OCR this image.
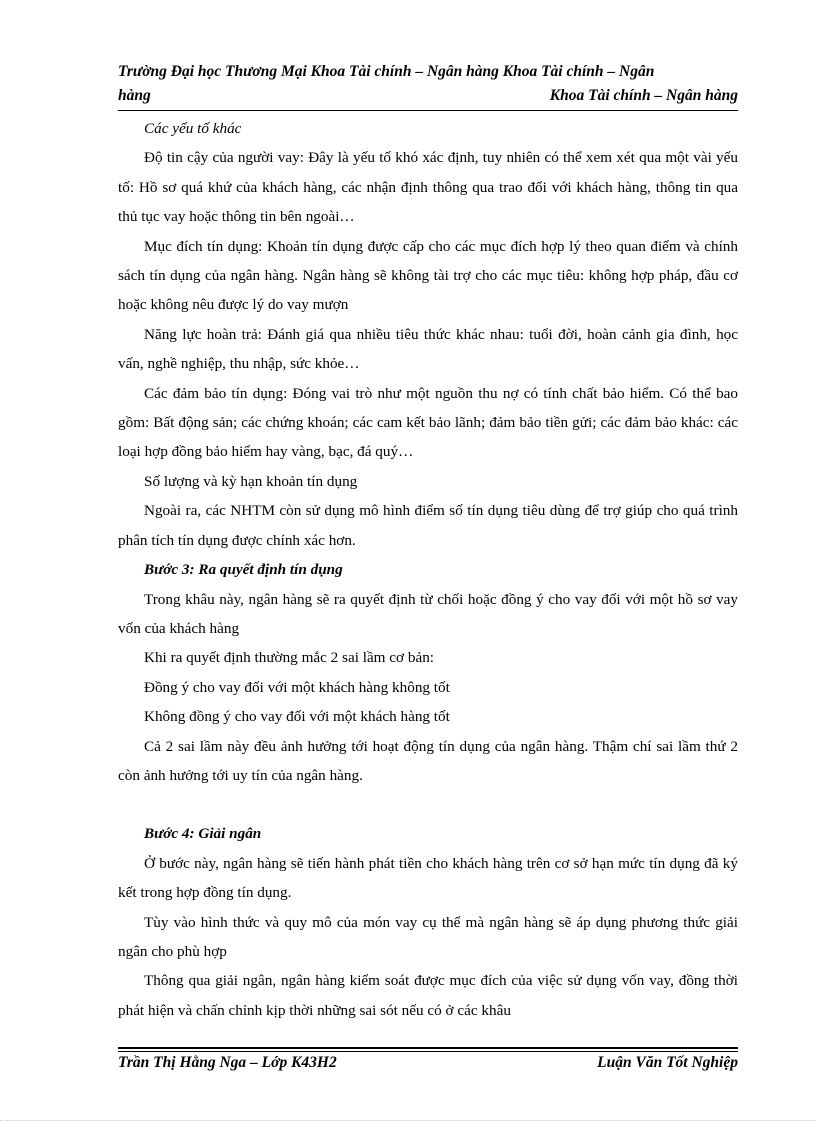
Trường Đại học Thương Mại Khoa Tài chính – Ngân hàng Khoa Tài chính – Ngân
hàng	Khoa Tài chính – Ngân hàng

Các yếu tố khác

Độ tin cậy của người vay: Đây là yếu tố khó xác định, tuy nhiên có thể xem xét qua một vài yếu tố: Hồ sơ quá khứ của khách hàng, các nhận định thông qua trao đổi với khách hàng, thông tin qua thủ tục vay hoặc thông tin bên ngoài…

Mục đích tín dụng: Khoản tín dụng được cấp cho các mục đích hợp lý theo quan điểm và chính sách tín dụng của ngân hàng. Ngân hàng sẽ không tài trợ cho các mục tiêu: không hợp pháp, đầu cơ hoặc không nêu được lý do vay mượn

Năng lực hoàn trả: Đánh giá qua nhiều tiêu thức khác nhau: tuổi đời, hoàn cảnh gia đình, học vấn, nghề nghiệp, thu nhập, sức khỏe…

Các đảm bảo tín dụng: Đóng vai trò như một nguồn thu nợ có tính chất bảo hiểm. Có thể bao gồm: Bất động sản; các chứng khoán; các cam kết bảo lãnh; đảm bảo tiền gửi; các đảm bảo khác: các loại hợp đồng bảo hiểm hay vàng, bạc, đá quý…

Số lượng và kỳ hạn khoản tín dụng

Ngoài ra, các NHTM còn sử dụng mô hình điểm số tín dụng tiêu dùng để trợ giúp cho quá trình phân tích tín dụng được chính xác hơn.

Bước 3: Ra quyết định tín dụng

Trong khâu này, ngân hàng sẽ ra quyết định từ chối hoặc đồng ý cho vay đối với một hồ sơ vay vốn của khách hàng

Khi ra quyết định thường mắc 2 sai lầm cơ bản:

Đồng ý cho vay đối với một khách hàng không tốt

Không đồng ý cho vay đối với một khách hàng tốt

Cả 2 sai lầm này đều ảnh hưởng tới hoạt động tín dụng của ngân hàng. Thậm chí sai lầm thứ 2 còn ảnh hưởng tới uy tín của ngân hàng.

Bước 4: Giải ngân

Ở bước này, ngân hàng sẽ tiến hành phát tiền cho khách hàng trên cơ sở hạn mức tín dụng đã ký kết trong hợp đồng tín dụng.

Tùy vào hình thức và quy mô của món vay cụ thể mà ngân hàng sẽ áp dụng phương thức giải ngân cho phù hợp

Thông qua giải ngân, ngân hàng kiểm soát được mục đích của việc sử dụng vốn vay, đồng thời phát hiện và chấn chỉnh kịp thời những sai sót nếu có ở các khâu

Trần Thị Hằng Nga – Lớp K43H2	Luận Văn Tốt Nghiệp
